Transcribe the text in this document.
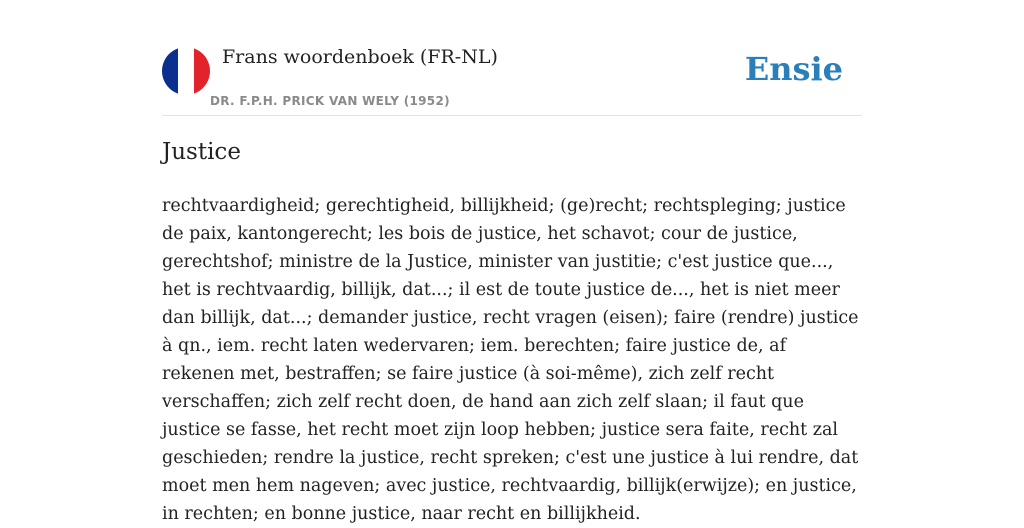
Frans woordenboek (FR-NL)
DR. F.P.H. PRICK VAN WELY (1952)
Ensie
Justice

rechtvaardigheid; gerechtigheid, billijkheid; (ge)recht; rechtspleging; justice de paix, kantongerecht; les bois de justice, het schavot; cour de justice, gerechtshof; ministre de la Justice, minister van justitie; c'est justice que..., het is rechtvaardig, billijk, dat...; il est de toute justice de..., het is niet meer dan billijk, dat...; demander justice, recht vragen (eisen); faire (rendre) justice à qn., iem. recht laten wedervaren; iem. berechten; faire justice de, af rekenen met, bestraffen; se faire justice (à soi-même), zich zelf recht verschaffen; zich zelf recht doen, de hand aan zich zelf slaan; il faut que justice se fasse, het recht moet zijn loop hebben; justice sera faite, recht zal geschieden; rendre la justice, recht spreken; c'est une justice à lui rendre, dat moet men hem nageven; avec justice, rechtvaardig, billijk(erwijze); en justice, in rechten; en bonne justice, naar recht en billijkheid.
